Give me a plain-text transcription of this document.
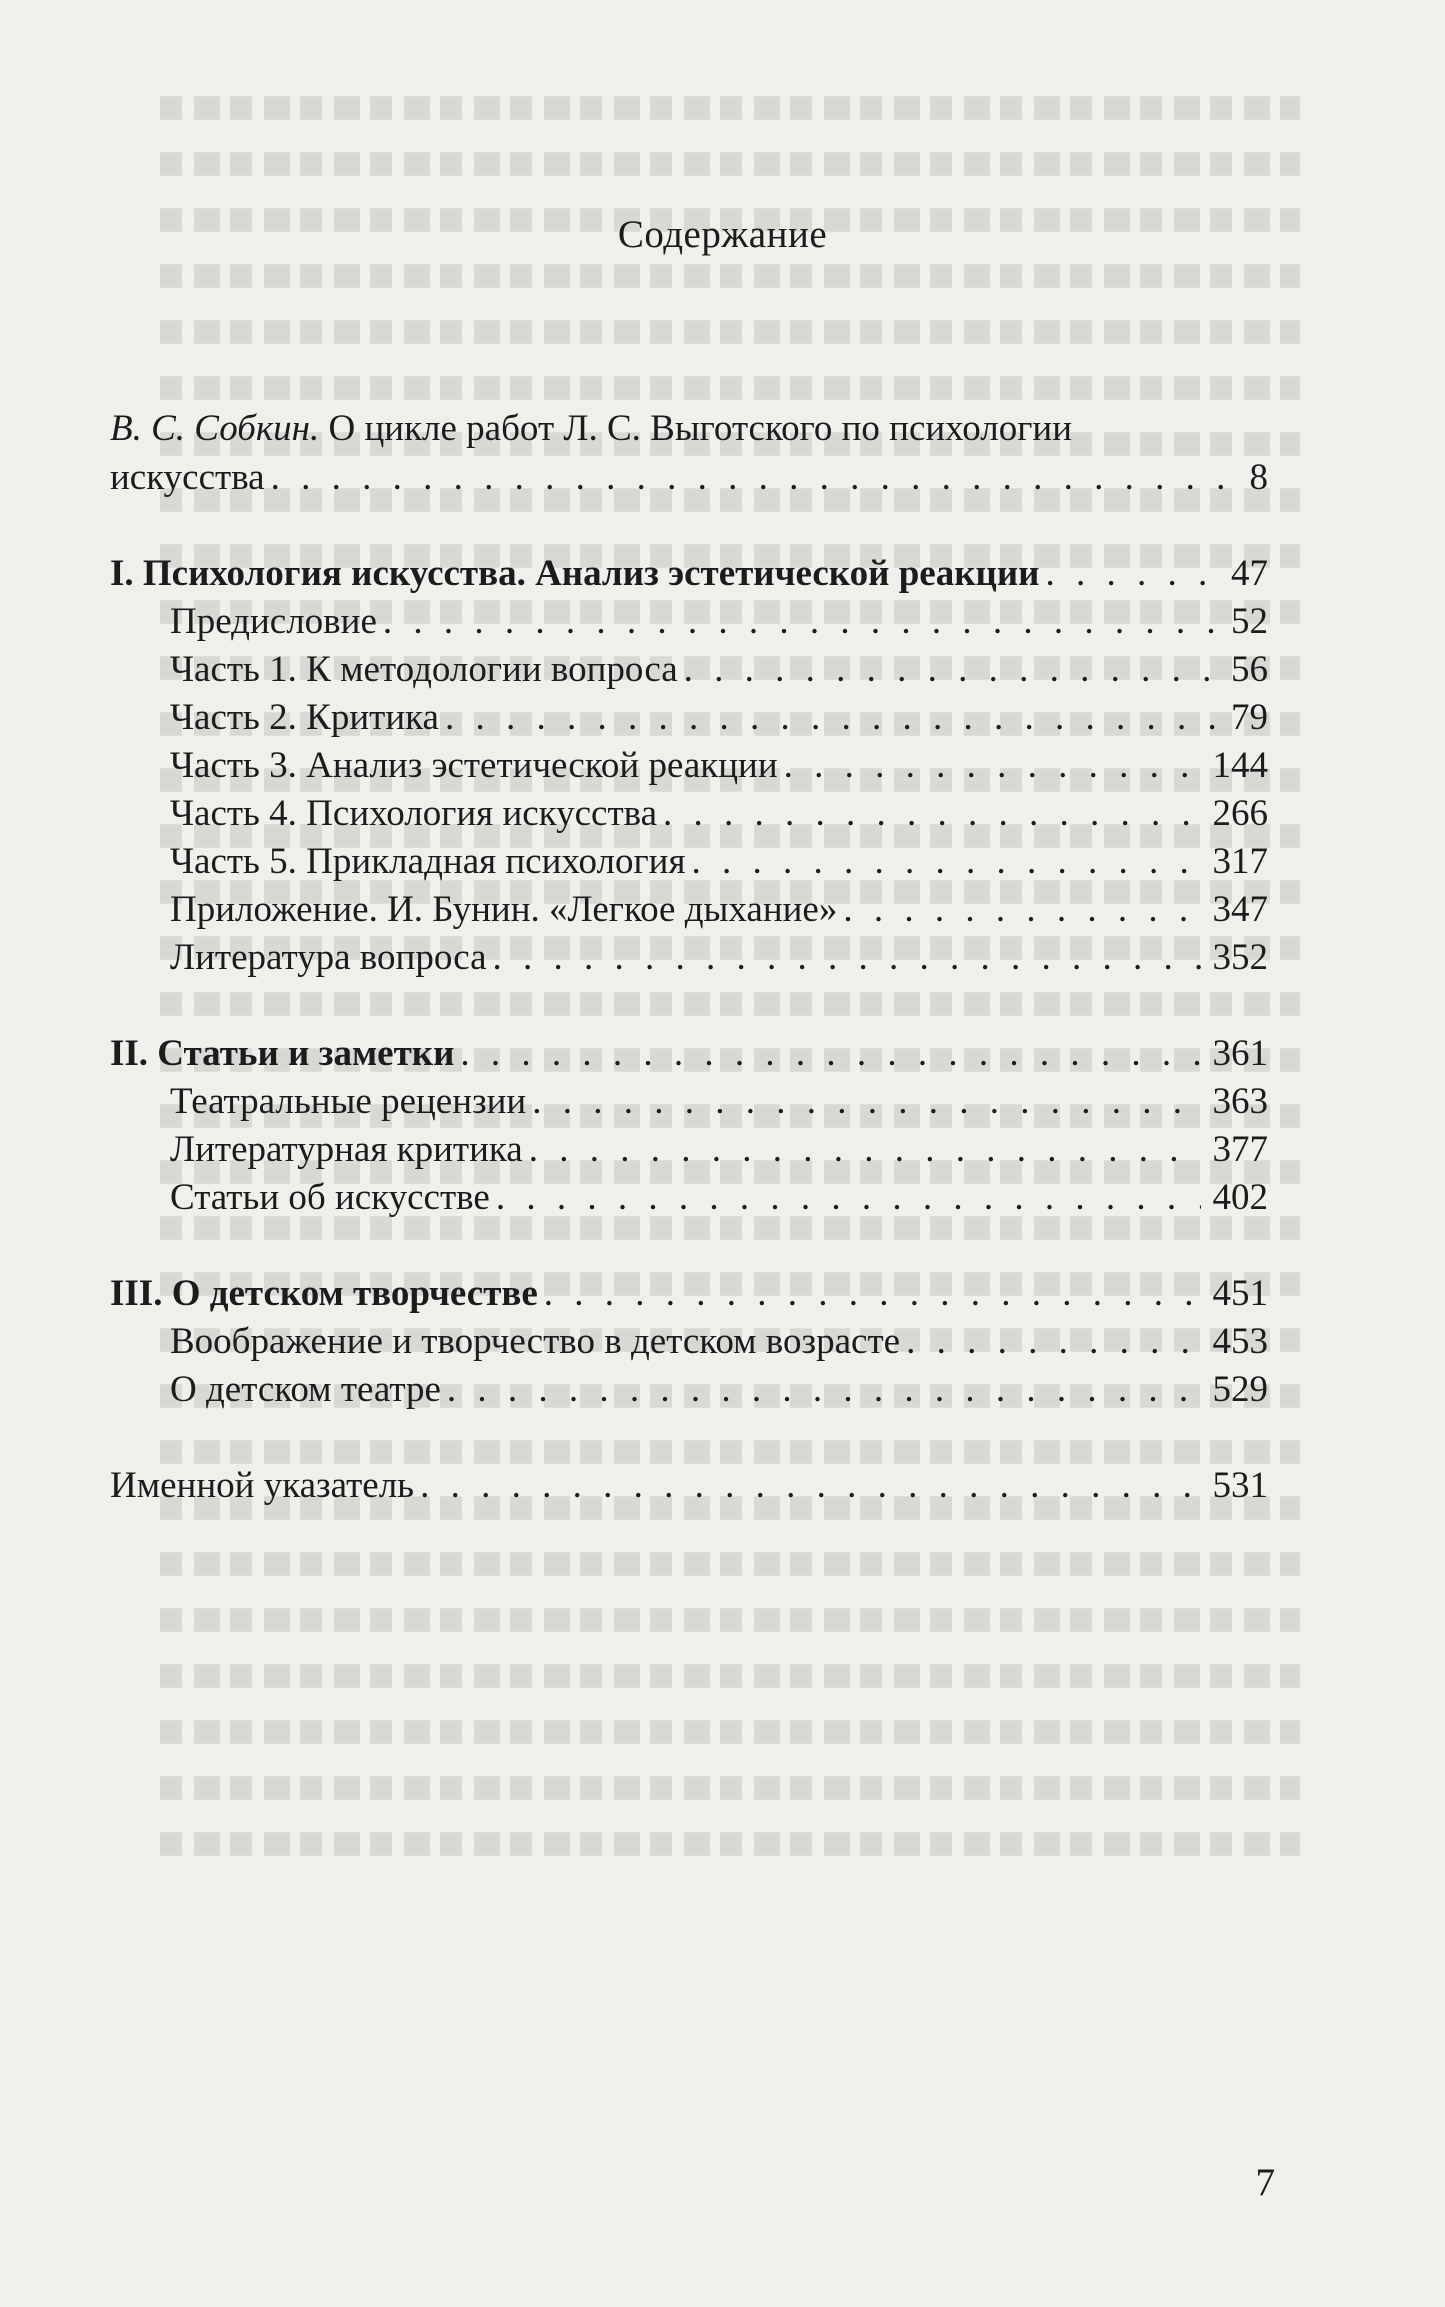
Содержание
В. С. Собкин. О цикле работ Л. С. Выготского по психологии
искусства . . .	8
I. Психология искусства. Анализ эстетической реакции . . .	47
Предисловие . . .	52
Часть 1. К методологии вопроса . . .	56
Часть 2. Критика . . .	79
Часть 3. Анализ эстетической реакции . . .	144
Часть 4. Психология искусства . . .	266
Часть 5. Прикладная психология . . .	317
Приложение. И. Бунин. «Легкое дыхание» . . .	347
Литература вопроса . . .	352
II. Статьи и заметки . . .	361
Театральные рецензии . . .	363
Литературная критика . . .	377
Статьи об искусстве . . .	402
III. О детском творчестве . . .	451
Воображение и творчество в детском возрасте . . .	453
О детском театре . . .	529
Именной указатель . . .	531
7
